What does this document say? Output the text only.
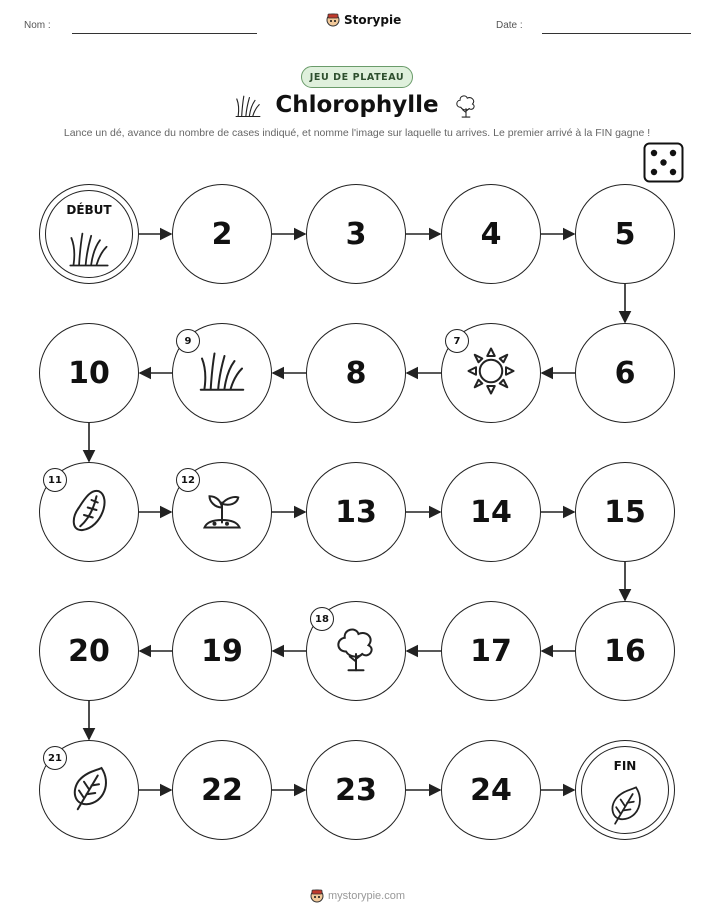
Nom :	Storypie	Date :
JEU DE PLATEAU
Chlorophylle
Lance un dé, avance du nombre de cases indiqué, et nomme l'image sur laquelle tu arrives. Le premier arrivé à la FIN gagne !
DÉBUT
2	3	4	5
6
7
8
9
10
11	12
13	14	15
16
17
18
19
20
21
22	23	24
FIN
mystorypie.com
